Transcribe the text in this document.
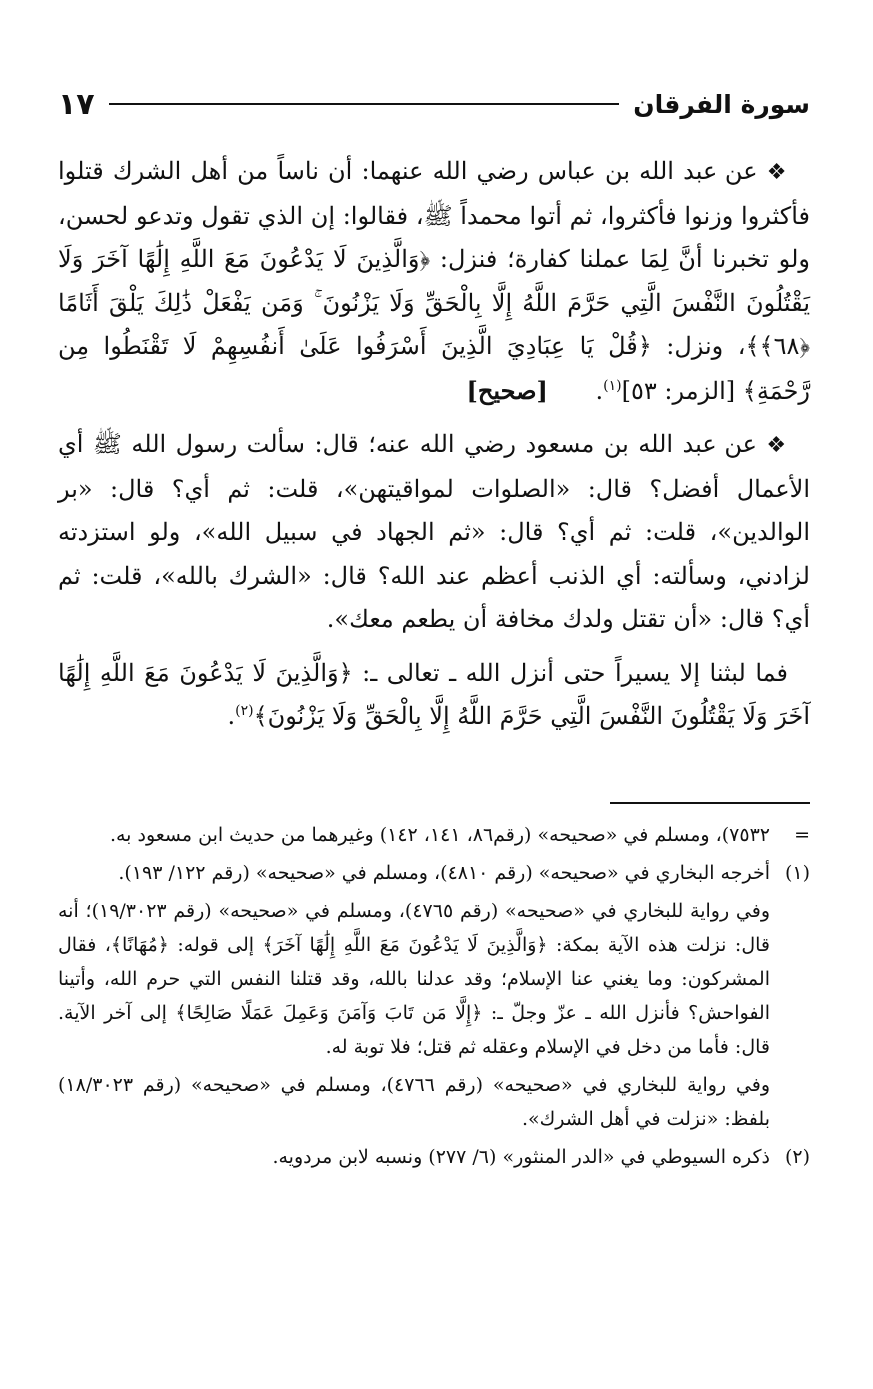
سورة الفرقان
١٧

❖ عن عبد الله بن عباس رضي الله عنهما: أن ناساً من أهل الشرك قتلوا فأكثروا وزنوا فأكثروا، ثم أتوا محمداً ﷺ، فقالوا: إن الذي تقول وتدعو لحسن، ولو تخبرنا أنَّ لِمَا عملنا كفارة؛ فنزل: ﴿وَالَّذِينَ لَا يَدْعُونَ مَعَ اللَّهِ إِلَٰهًا آخَرَ وَلَا يَقْتُلُونَ النَّفْسَ الَّتِي حَرَّمَ اللَّهُ إِلَّا بِالْحَقِّ وَلَا يَزْنُونَ ۚ وَمَن يَفْعَلْ ذَٰلِكَ يَلْقَ أَثَامًا ﴿٦٨﴾﴾، ونزل: ﴿قُلْ يَا عِبَادِيَ الَّذِينَ أَسْرَفُوا عَلَىٰ أَنفُسِهِمْ لَا تَقْنَطُوا مِن رَّحْمَةِ﴾ [الزمر: ٥٣]$^{(١)}$. [صحيح]

❖ عن عبد الله بن مسعود رضي الله عنه؛ قال: سألت رسول الله ﷺ أي الأعمال أفضل؟ قال: «الصلوات لمواقيتهن»، قلت: ثم أي؟ قال: «بر الوالدين»، قلت: ثم أي؟ قال: «ثم الجهاد في سبيل الله»، ولو استزدته لزادني، وسألته: أي الذنب أعظم عند الله؟ قال: «الشرك بالله»، قلت: ثم أي؟ قال: «أن تقتل ولدك مخافة أن يطعم معك».

فما لبثنا إلا يسيراً حتى أنزل الله ـ تعالى ـ: ﴿وَالَّذِينَ لَا يَدْعُونَ مَعَ اللَّهِ إِلَٰهًا آخَرَ وَلَا يَقْتُلُونَ النَّفْسَ الَّتِي حَرَّمَ اللَّهُ إِلَّا بِالْحَقِّ وَلَا يَزْنُونَ﴾$^{(٢)}$.

=
٧٥٣٢)، ومسلم في «صحيحه» (رقم٨٦، ١٤١، ١٤٢) وغيرهما من حديث ابن مسعود به.
(١)
أخرجه البخاري في «صحيحه» (رقم ٤٨١٠)، ومسلم في «صحيحه» (رقم ١٢٢/ ١٩٣).
وفي رواية للبخاري في «صحيحه» (رقم ٤٧٦٥)، ومسلم في «صحيحه» (رقم ١٩/٣٠٢٣)؛ أنه قال: نزلت هذه الآية بمكة: ﴿وَالَّذِينَ لَا يَدْعُونَ مَعَ اللَّهِ إِلَٰهًا آخَرَ﴾ إلى قوله: ﴿مُهَانًا﴾، فقال المشركون: وما يغني عنا الإسلام؛ وقد عدلنا بالله، وقد قتلنا النفس التي حرم الله، وأتينا الفواحش؟ فأنزل الله ـ عزّ وجلّ ـ: ﴿إِلَّا مَن تَابَ وَآمَنَ وَعَمِلَ عَمَلًا صَالِحًا﴾ إلى آخر الآية. قال: فأما من دخل في الإسلام وعقله ثم قتل؛ فلا توبة له.
وفي رواية للبخاري في «صحيحه» (رقم ٤٧٦٦)، ومسلم في «صحيحه» (رقم ١٨/٣٠٢٣) بلفظ: «نزلت في أهل الشرك».
(٢)
ذكره السيوطي في «الدر المنثور» (٦/ ٢٧٧) ونسبه لابن مردويه.
